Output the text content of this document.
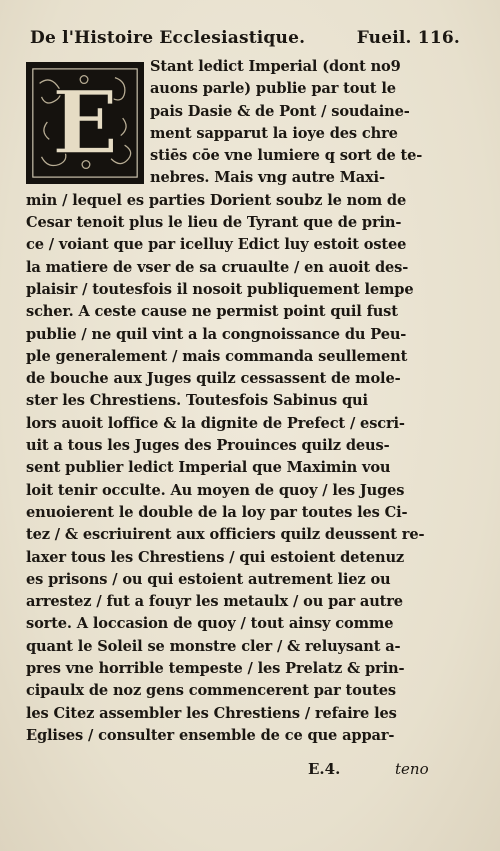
De l'Histoire Ecclesiastique.	Fueil. 116.
E
Stant ledict Imperial (dont no9
auons parle) publie par tout le
pais Dasie & de Pont / soudaine-
ment sapparut la ioye des chre
stiēs cōe vne lumiere q sort de te-
nebres. Mais vng autre Maxi-
min / lequel es parties Dorient soubz le nom de
Cesar tenoit plus le lieu de Tyrant que de prin-
ce / voiant que par icelluy Edict luy estoit ostee
la matiere de vser de sa cruaulte / en auoit des-
plaisir / toutesfois il nosoit publiquement lempe
scher. A ceste cause ne permist point quil fust
publie / ne quil vint a la congnoissance du Peu-
ple generalement / mais commanda seullement
de bouche aux Juges quilz cessassent de mole-
ster les Chrestiens. Toutesfois Sabinus qui
lors auoit loffice & la dignite de Prefect / escri-
uit a tous les Juges des Prouinces quilz deus-
sent publier ledict Imperial que Maximin vou
loit tenir occulte. Au moyen de quoy / les Juges
enuoierent le double de la loy par toutes les Ci-
tez / & escriuirent aux officiers quilz deussent re-
laxer tous les Chrestiens / qui estoient detenuz
es prisons / ou qui estoient autrement liez ou
arrestez / fut a fouyr les metaulx / ou par autre
sorte. A loccasion de quoy / tout ainsy comme
quant le Soleil se monstre cler / & reluysant a-
pres vne horrible tempeste / les Prelatz & prin-
cipaulx de noz gens commencerent par toutes
les Citez assembler les Chrestiens / refaire les
Eglises / consulter ensemble de ce que appar-
E.4.	teno
